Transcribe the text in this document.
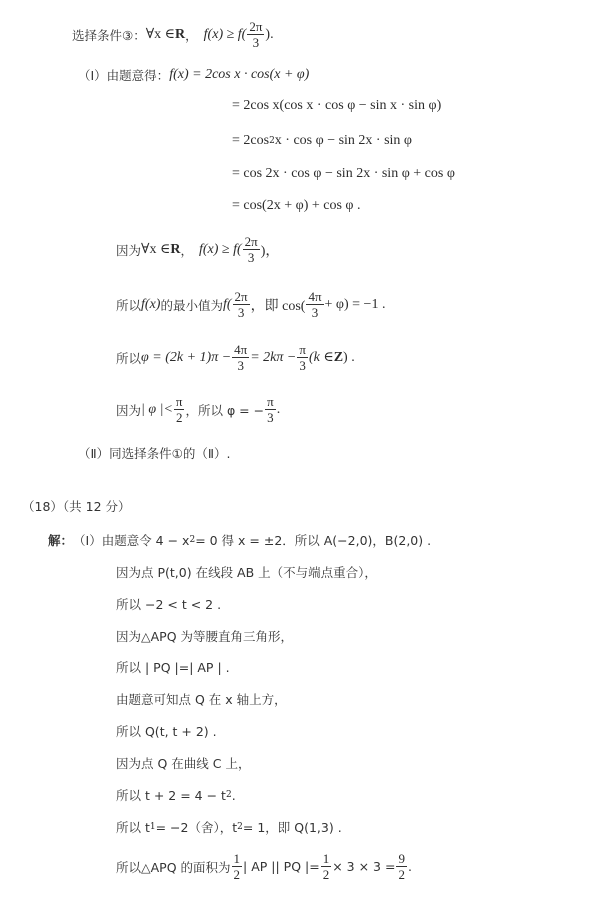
选择条件③： ∀x ∈ R ， $f(x) \ge f( \frac{2\pi}{3}$ ).
（Ⅰ）由题意得： f(x) = 2cos x · cos(x + φ)
= 2cos x(cos x · cos φ − sin x · sin φ)
= 2cos 2 x · cos φ − sin 2x · sin φ
= cos 2x · cos φ − sin 2x · sin φ + cos φ
= cos(2x + φ) + cos φ .
因为 ∀x ∈ R ， $f(x) \ge f( \frac{2\pi}{3}$ )，
所以 f(x) 的最小值为 $f( \frac{2\pi}{3}$ ，即 $\cos( \frac{4\pi}{3} + \varphi) = -1$ .
所以 $\varphi = (2k + 1)\pi - \frac{4\pi}{3} = 2k\pi - \frac{\pi}{3} (k$ ∈ Z ) .
因为 | φ |< $\frac{\pi}{2}$ ，所以 φ = − $\frac{\pi}{3}$ .
（Ⅱ）同选择条件①的（Ⅱ）.
（18）（共 12 分）
解： （Ⅰ）由题意令 4 − x 2 = 0 得 x = ±2．所以 A(−2,0)，B(2,0) .
因为点 P(t,0) 在线段 AB 上（不与端点重合），
所以 −2 < t < 2 .
因为△APQ 为等腰直角三角形，
所以 | PQ |=| AP | .
由题意可知点 Q 在 x 轴上方，
所以 Q(t, t + 2) .
因为点 Q 在曲线 C 上，
所以 t + 2 = 4 − t 2 .
所以 t 1 = −2（舍），t 2 = 1，即 Q(1,3) .
所以△APQ 的面积为 $\frac{1}{2}$ | AP || PQ |= $\frac{1}{2} \times 3 \times 3 = \frac{9}{2}$ .
